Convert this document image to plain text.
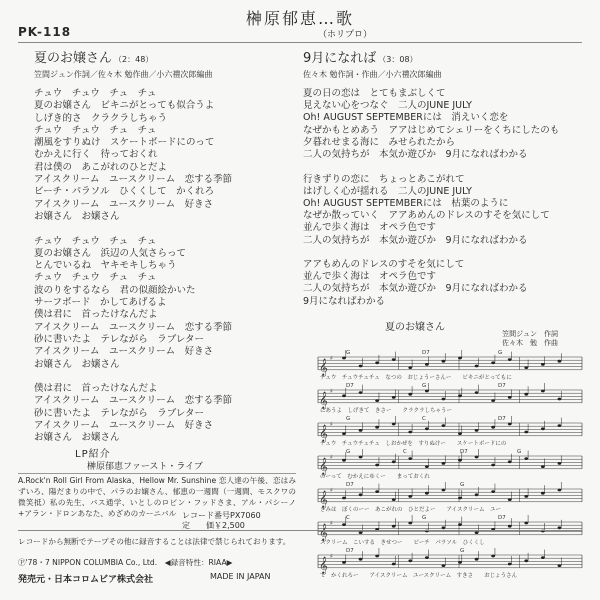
榊原郁恵…歌
（ホリプロ）
PK-118
夏のお嬢さん （2：48）
笠間ジュン作詞／佐々木 勉作曲／小六禮次郎編曲
チュウ　チュウ　チュ　チュ
夏のお嬢さん　ビキニがとっても似合うよ
しげき的さ　クラクラしちゃう
チュウ　チュウ　チュ　チュ
潮風をすりぬけ　スケートボードにのって
むかえに行く　待っておくれ
君は僕の　あこがれのひとだよ
アイスクリーム　ユースクリーム　恋する季節
ビーチ・パラソル　ひくくして　かくれろ
アイスクリーム　ユースクリーム　好きさ
お嬢さん　お嬢さん
チュウ　チュウ　チュ　チュ
夏のお嬢さん　浜辺の人気さらって
とんでいるね　ヤキモキしちゃう
チュウ　チュウ　チュ　チュ
波のりをするなら　君の似顔絵かいた
サーフボード　かしてあげるよ
僕は君に　首ったけなんだよ
アイスクリーム　ユースクリーム　恋する季節
砂に書いたよ　テレながら　ラブレター
アイスクリーム　ユースクリーム　好きさ
お嬢さん　お嬢さん
僕は君に　首ったけなんだよ
アイスクリーム　ユースクリーム　恋する季節
砂に書いたよ　テレながら　ラブレター
アイスクリーム　ユースクリーム　好きさ
お嬢さん　お嬢さん
9月になれば （3：08）
佐々木 勉作詞・作曲／小六禮次郎編曲
夏の日の恋は　とてもまぶしくて
見えない心をつなぐ　二人のJUNE JULY
Oh! AUGUST SEPTEMBERには　消えいく恋を
なぜかもとめあう　アアはじめてシェリーをくちにしたのも
夕暮れせまる海に　みせられたから
二人の気持ちが　本気か遊びか　9月になればわかる
行きずりの恋に　ちょっとあこがれて
はげしく心が揺れる　二人のJUNE JULY
Oh! AUGUST SEPTEMBERには　枯葉のように
なぜか散っていく　アアあめんのドレスのすそを気にして
並んで歩く海は　オペラ色です
二人の気持ちが　本気か遊びか　9月になればわかる
アアもめんのドレスのすそを気にして
並んで歩く海は　オペラ色です
二人の気持ちが　本気か遊びか　9月になればわかる
9月になればわかる
LP紹介
榊原郁恵ファースト・ライブ
A.Rock'n Roll Girl From Alaska、Hellow Mr. Sunshine 恋人達の午後、恋はみずいろ、陽だまりの中で、パラのお嬢さん、郁恵の一週間（一週間、モスクワの微笑抵）私の先生、バス通学、いとしのロビン・フッドさま、アル・パシーノ+アラン・ドロンあなた、めざめのカーニバル レコード番号PX7060
定　　価￥2,500
夏のお嬢さん
笠間ジュン　作詞
佐々木　勉　作曲
𝄞 ♯
G	D7	G
チュウ　チュウチュチュ　なつの　おじょうーさんー　　ビキニがとってもに
𝄞 ♯
D7	G	D7
にあうよ　しげきて　きさー　　クラクラしちゃうー
𝄞 ♯
G	C	D7
チュウ　チュウチュチュ　しおかぜを　すりぬけー　　スケートボードにの
𝄞 ♯
G	C	D7	G
のーって　むかえにゆくー　　まっておくれ
𝄞 ♯
D7	G
きみは　ぼくのーー　あこがれの　ひとだよー　　アイスクリーム　ユー
𝄞 ♯
C	G	D7
スクリーム　こいする　きせつー　　ビーチ　パラソル　ひくくし
𝄞 ♯
D7	G
て　かくれろー　　アイスクリーム　ユースクリーム　すきさ　　おじょうさん
レコードから無断でテープその他に録音することは法律で禁じられております。
Ⓟ'78・7 NIPPON COLUMBIA Co., Ltd.　◀録音特性：RIAA▶
発売元・日本コロムビア株式会社	MADE IN JAPAN
